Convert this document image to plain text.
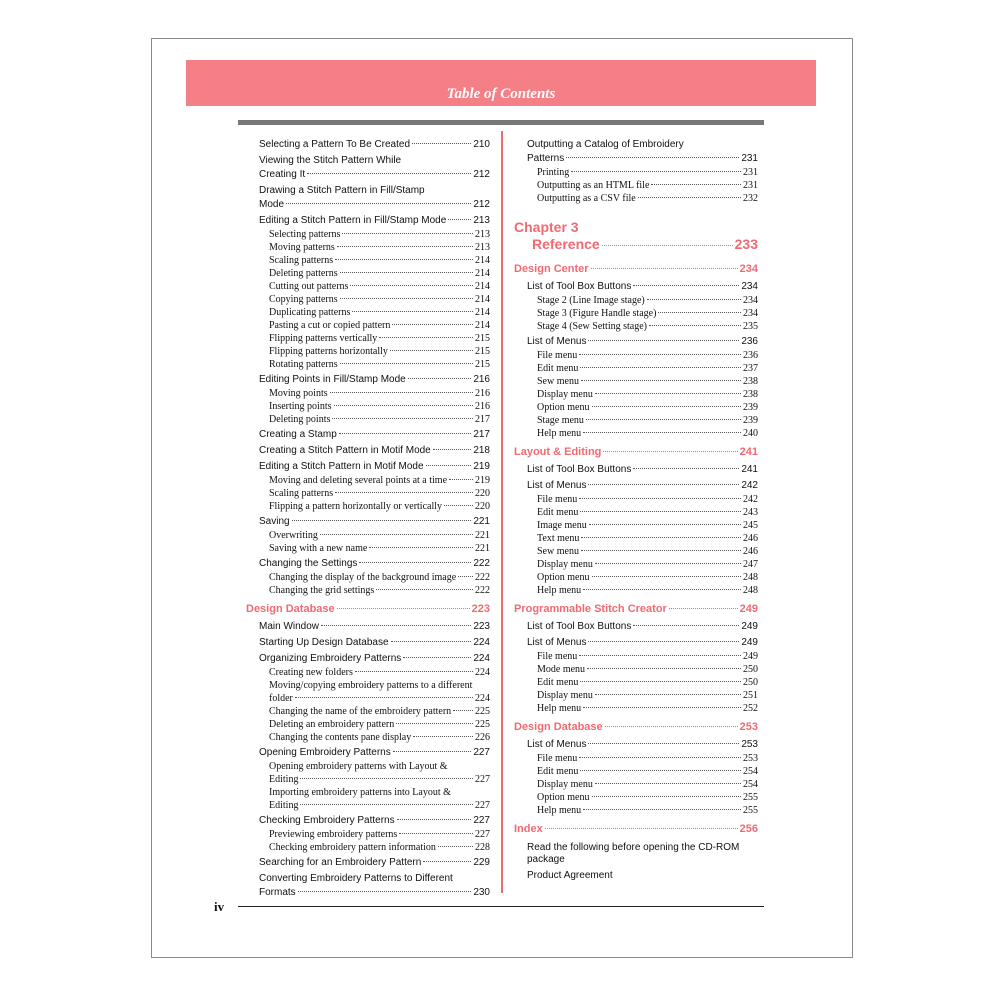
Table of Contents
Selecting a Pattern To Be Created	210
Viewing the Stitch Pattern While
Creating It	212
Drawing a Stitch Pattern in Fill/Stamp
Mode	212
Editing a Stitch Pattern in Fill/Stamp Mode	213
Selecting patterns	213
Moving patterns	213
Scaling patterns	214
Deleting patterns	214
Cutting out patterns	214
Copying patterns	214
Duplicating patterns	214
Pasting a cut or copied pattern	214
Flipping patterns vertically	215
Flipping patterns horizontally	215
Rotating patterns	215
Editing Points in Fill/Stamp Mode	216
Moving points	216
Inserting points	216
Deleting points	217
Creating a Stamp	217
Creating a Stitch Pattern in Motif Mode	218
Editing a Stitch Pattern in Motif Mode	219
Moving and deleting several points at a time	219
Scaling patterns	220
Flipping a pattern horizontally or vertically	220
Saving	221
Overwriting	221
Saving with a new name	221
Changing the Settings	222
Changing the display of the background image 222
Changing the grid settings	222
Design Database	223
Main Window	223
Starting Up Design Database	224
Organizing Embroidery Patterns	224
Creating new folders	224
Moving/copying embroidery patterns to a different
folder	224
Changing the name of the embroidery pattern 225
Deleting an embroidery pattern	225
Changing the contents pane display	226
Opening Embroidery Patterns	227
Opening embroidery patterns with Layout &
Editing	227
Importing embroidery patterns into Layout &
Editing	227
Checking Embroidery Patterns	227
Previewing embroidery patterns	227
Checking embroidery pattern information	228
Searching for an Embroidery Pattern	229
Converting Embroidery Patterns to Different
Formats	230
Outputting a Catalog of Embroidery
Patterns	231
Printing	231
Outputting as an HTML file	231
Outputting as a CSV file	232
Chapter 3
Reference	233
Design Center	234
List of Tool Box Buttons	234
Stage 2 (Line Image stage)	234
Stage 3 (Figure Handle stage)	234
Stage 4 (Sew Setting stage)	235
List of Menus	236
File menu	236
Edit menu	237
Sew menu	238
Display menu	238
Option menu	239
Stage menu	239
Help menu	240
Layout & Editing	241
List of Tool Box Buttons	241
List of Menus	242
File menu	242
Edit menu	243
Image menu	245
Text menu	246
Sew menu	246
Display menu	247
Option menu	248
Help menu	248
Programmable Stitch Creator	249
List of Tool Box Buttons	249
List of Menus	249
File menu	249
Mode menu	250
Edit menu	250
Display menu	251
Help menu	252
Design Database	253
List of Menus	253
File menu	253
Edit menu	254
Display menu	254
Option menu	255
Help menu	255
Index	256
Read the following before opening the CD-ROM package
Product Agreement
iv
